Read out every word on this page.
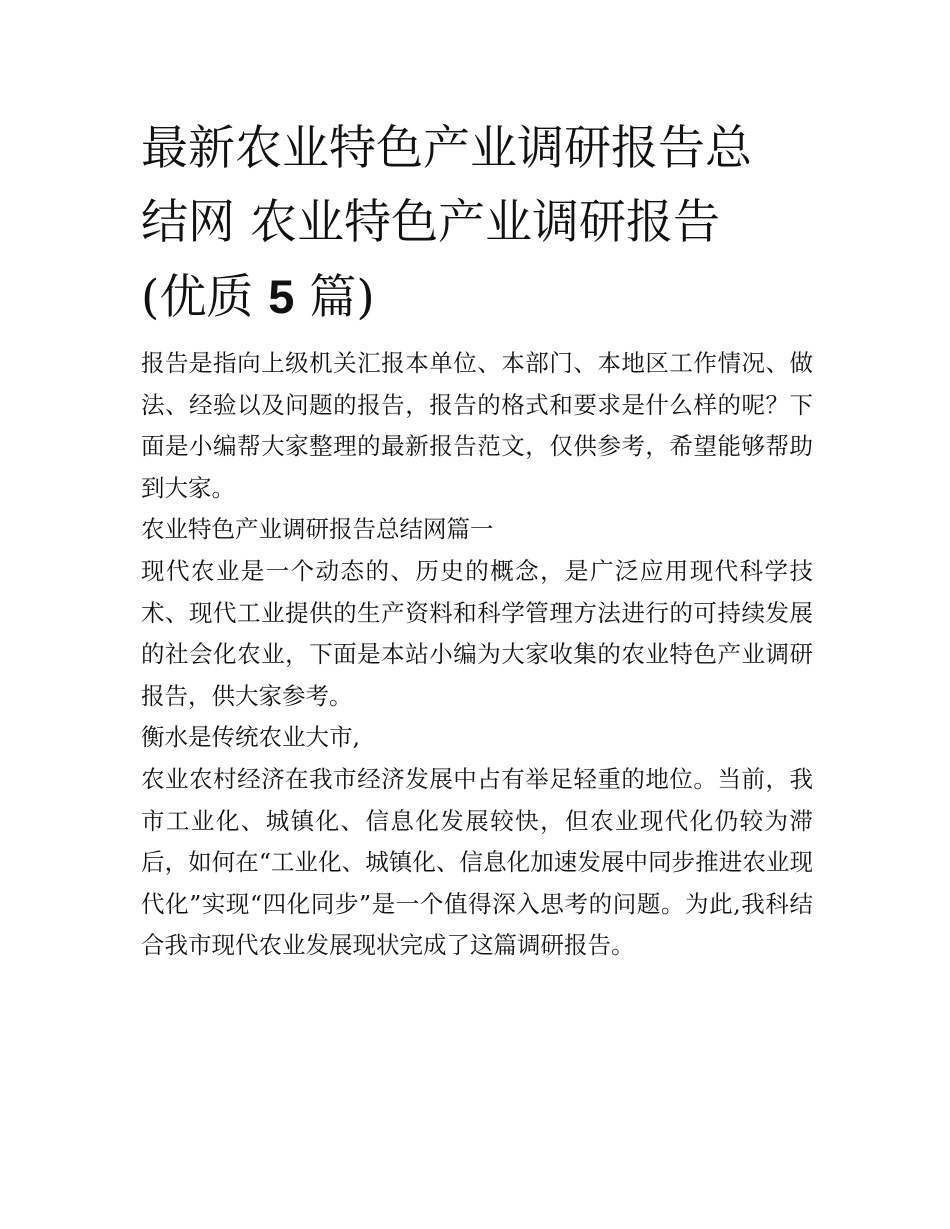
最新农业特色产业调研报告总
结网 农业特色产业调研报告
(优质 5 篇)

报告是指向上级机关汇报本单位、本部门、本地区工作情况、做法、经验以及问题的报告，报告的格式和要求是什么样的呢？下面是小编帮大家整理的最新报告范文，仅供参考，希望能够帮助到大家。

农业特色产业调研报告总结网篇一

现代农业是一个动态的、历史的概念，是广泛应用现代科学技术、现代工业提供的生产资料和科学管理方法进行的可持续发展的社会化农业，下面是本站小编为大家收集的农业特色产业调研报告，供大家参考。

衡水是传统农业大市,

农业农村经济在我市经济发展中占有举足轻重的地位。当前，我市工业化、城镇化、信息化发展较快，但农业现代化仍较为滞后，如何在“工业化、城镇化、信息化加速发展中同步推进农业现代化”实现“四化同步”是一个值得深入思考的问题。为此,我科结合我市现代农业发展现状完成了这篇调研报告。
